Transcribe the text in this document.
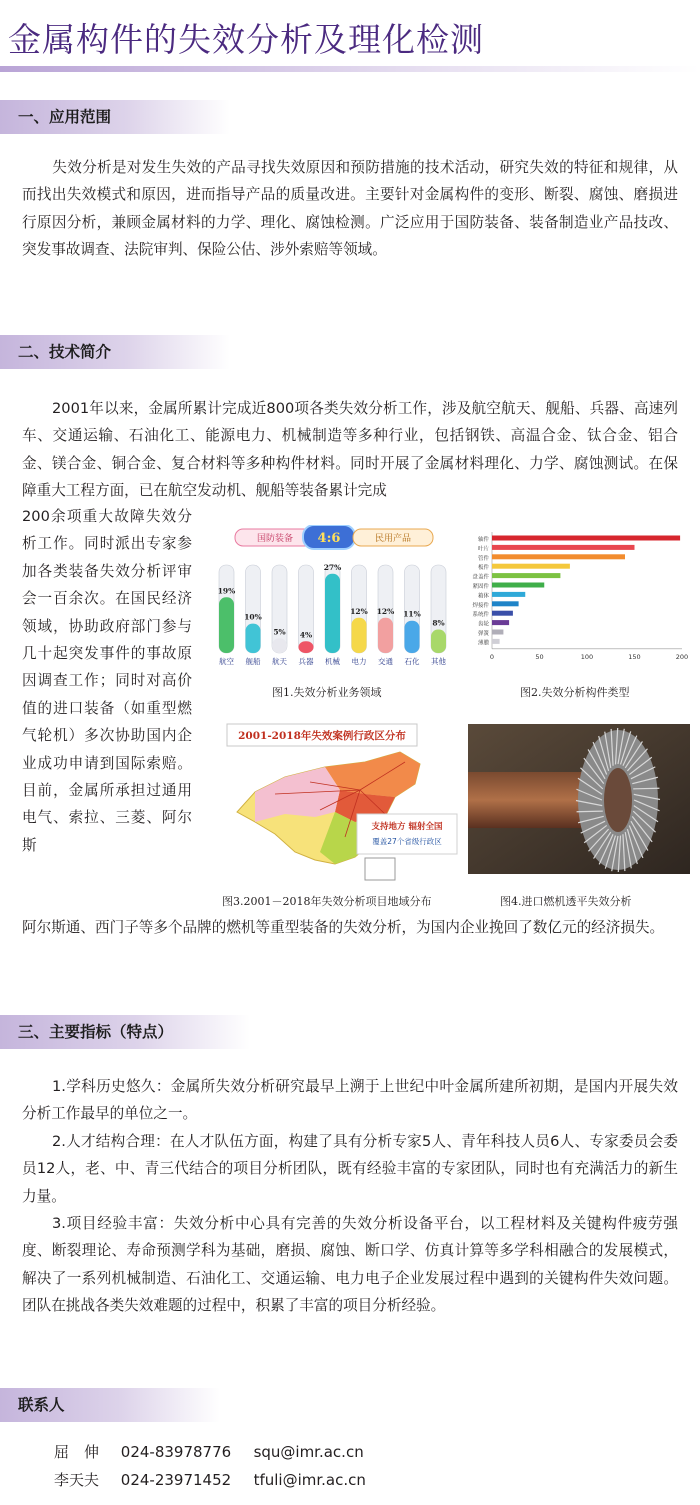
金属构件的失效分析及理化检测
一、应用范围

失效分析是对发生失效的产品寻找失效原因和预防措施的技术活动，研究失效的特征和规律，从而找出失效模式和原因，进而指导产品的质量改进。主要针对金属构件的变形、断裂、腐蚀、磨损进行原因分析，兼顾金属材料的力学、理化、腐蚀检测。广泛应用于国防装备、装备制造业产品技改、突发事故调查、法院审判、保险公估、涉外索赔等领域。

二、技术简介

2001年以来，金属所累计完成近800项各类失效分析工作，涉及航空航天、舰船、兵器、高速列车、交通运输、石油化工、能源电力、机械制造等多种行业，包括钢铁、高温合金、钛合金、铝合金、镁合金、铜合金、复合材料等多种构件材料。同时开展了金属材料理化、力学、腐蚀测试。在保障重大工程方面，已在航空发动机、舰船等装备累计完成

200余项重大故障失效分析工作。同时派出专家参加各类装备失效分析评审会一百余次。在国民经济领域，协助政府部门参与几十起突发事件的事故原因调查工作；同时对高价值的进口装备（如重型燃气轮机）多次协助国内企业成功申请到国际索赔。目前，金属所承担过通用电气、索拉、三菱、阿尔斯

国防装备 4:6	民用产品
19%
航空
10%
舰船
5%
航天
4%
兵器
27%
机械
12%
电力
12%
交通
11%
石化
8%
其他
轴件
叶片
管件
板件
盘盖件
紧固件
箱体
焊接件
系统件
齿轮
弹簧
薄膜
0	50	100	150	200
图1.失效分析业务领域	图2.失效分析构件类型
2001-2018年失效案例行政区分布
支持地方 辐射全国
覆盖27个省级行政区
图3.2001－2018年失效分析项目地域分布	图4.进口燃机透平失效分析

阿尔斯通、西门子等多个品牌的燃机等重型装备的失效分析，为国内企业挽回了数亿元的经济损失。

三、主要指标（特点）

1.学科历史悠久：金属所失效分析研究最早上溯于上世纪中叶金属所建所初期，是国内开展失效分析工作最早的单位之一。

2.人才结构合理：在人才队伍方面，构建了具有分析专家5人、青年科技人员6人、专家委员会委员12人，老、中、青三代结合的项目分析团队，既有经验丰富的专家团队，同时也有充满活力的新生力量。

3.项目经验丰富：失效分析中心具有完善的失效分析设备平台，以工程材料及关键构件疲劳强度、断裂理论、寿命预测学科为基础，磨损、腐蚀、断口学、仿真计算等多学科相融合的发展模式，解决了一系列机械制造、石油化工、交通运输、电力电子企业发展过程中遇到的关键构件失效问题。团队在挑战各类失效难题的过程中，积累了丰富的项目分析经验。

联系人
屈　伸 024-83978776 squ@imr.ac.cn
李天夫 024-23971452 tfuli@imr.ac.cn
